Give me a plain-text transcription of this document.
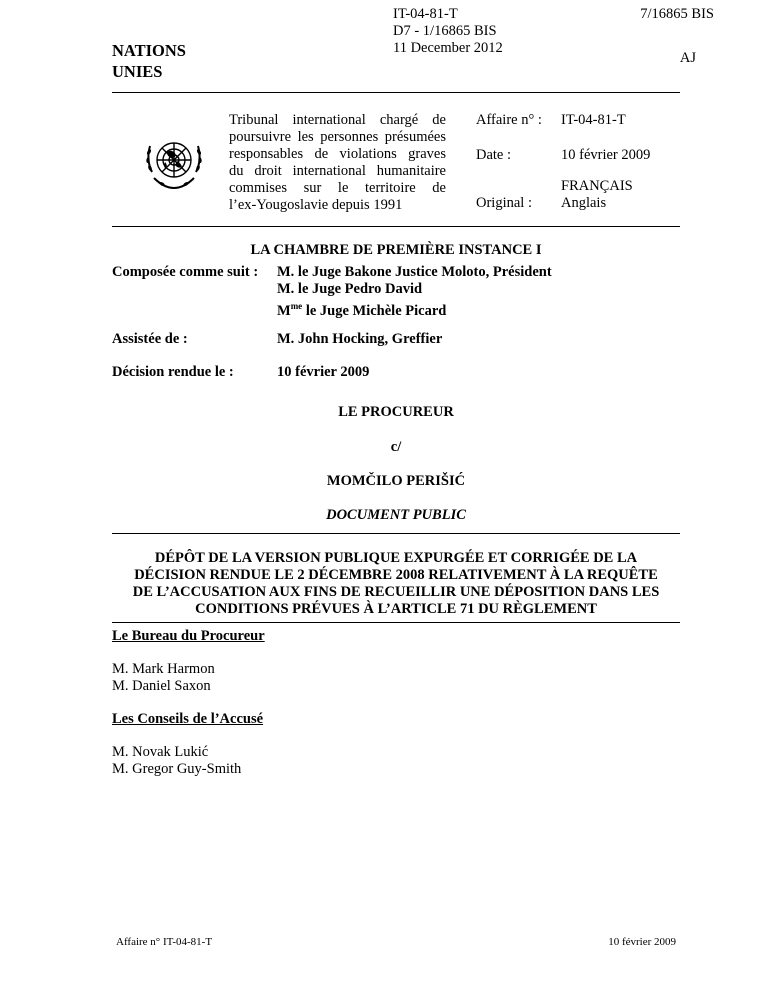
IT-04-81-T
D7 - 1/16865 BIS
11 December 2012
7/16865 BIS
AJ
NATIONS
UNIES
Tribunal international chargé de
poursuivre les personnes présumées
responsables de violations graves
du droit international humanitaire
commises sur le territoire de
l’ex-Yougoslavie depuis 1991
Affaire n° : IT-04-81-T
Date :	10 février 2009
Original :
FRANÇAIS
Anglais
LA CHAMBRE DE PREMIÈRE INSTANCE I
Composée comme suit : M. le Juge Bakone Justice Moloto, Président
M. le Juge Pedro David
$M^{me}$ le Juge Michèle Picard
Assistée de :	M. John Hocking, Greffier
Décision rendue le :	10 février 2009
LE PROCUREUR
c/
MOMČILO PERIŠIĆ
DOCUMENT PUBLIC
DÉPÔT DE LA VERSION PUBLIQUE EXPURGÉE ET CORRIGÉE DE LA
DÉCISION RENDUE LE 2 DÉCEMBRE 2008 RELATIVEMENT À LA REQUÊTE
DE L’ACCUSATION AUX FINS DE RECUEILLIR UNE DÉPOSITION DANS LES
CONDITIONS PRÉVUES À L’ARTICLE 71 DU RÈGLEMENT
Le Bureau du Procureur
M. Mark Harmon
M. Daniel Saxon
Les Conseils de l’Accusé
M. Novak Lukić
M. Gregor Guy-Smith
Affaire n° IT-04-81-T	10 février 2009
